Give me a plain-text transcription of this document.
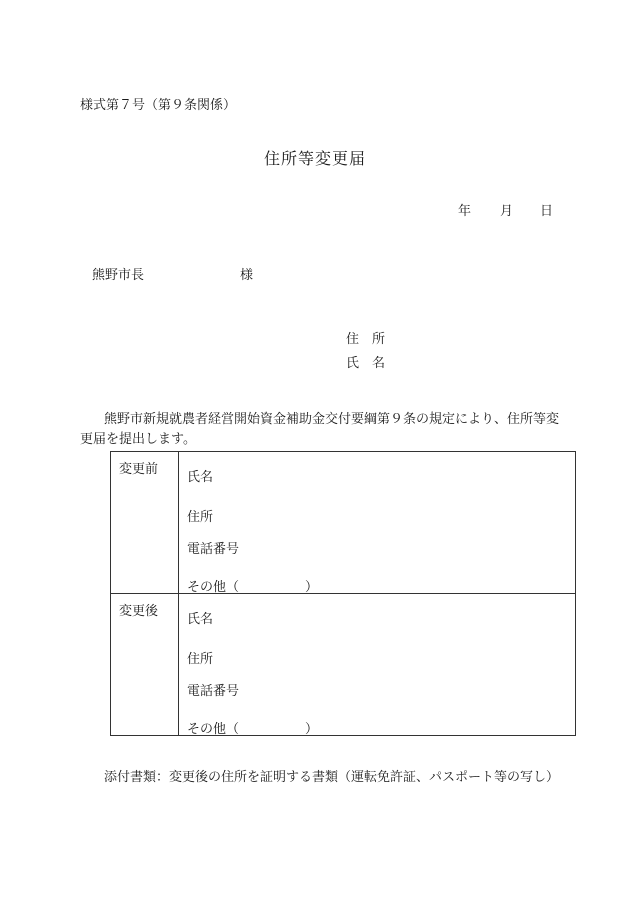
様式第７号（第９条関係）
住所等変更届
年 月 日
熊野市長	様
住　所
氏　名
熊野市新規就農者経営開始資金補助金交付要綱第９条の規定により、住所等変更届を提出します。
変更前	氏名
住所
電話番号
その他（ ）

変更後	氏名
住所
電話番号
その他（ ）
添付書類：変更後の住所を証明する書類（運転免許証、パスポート等の写し）
